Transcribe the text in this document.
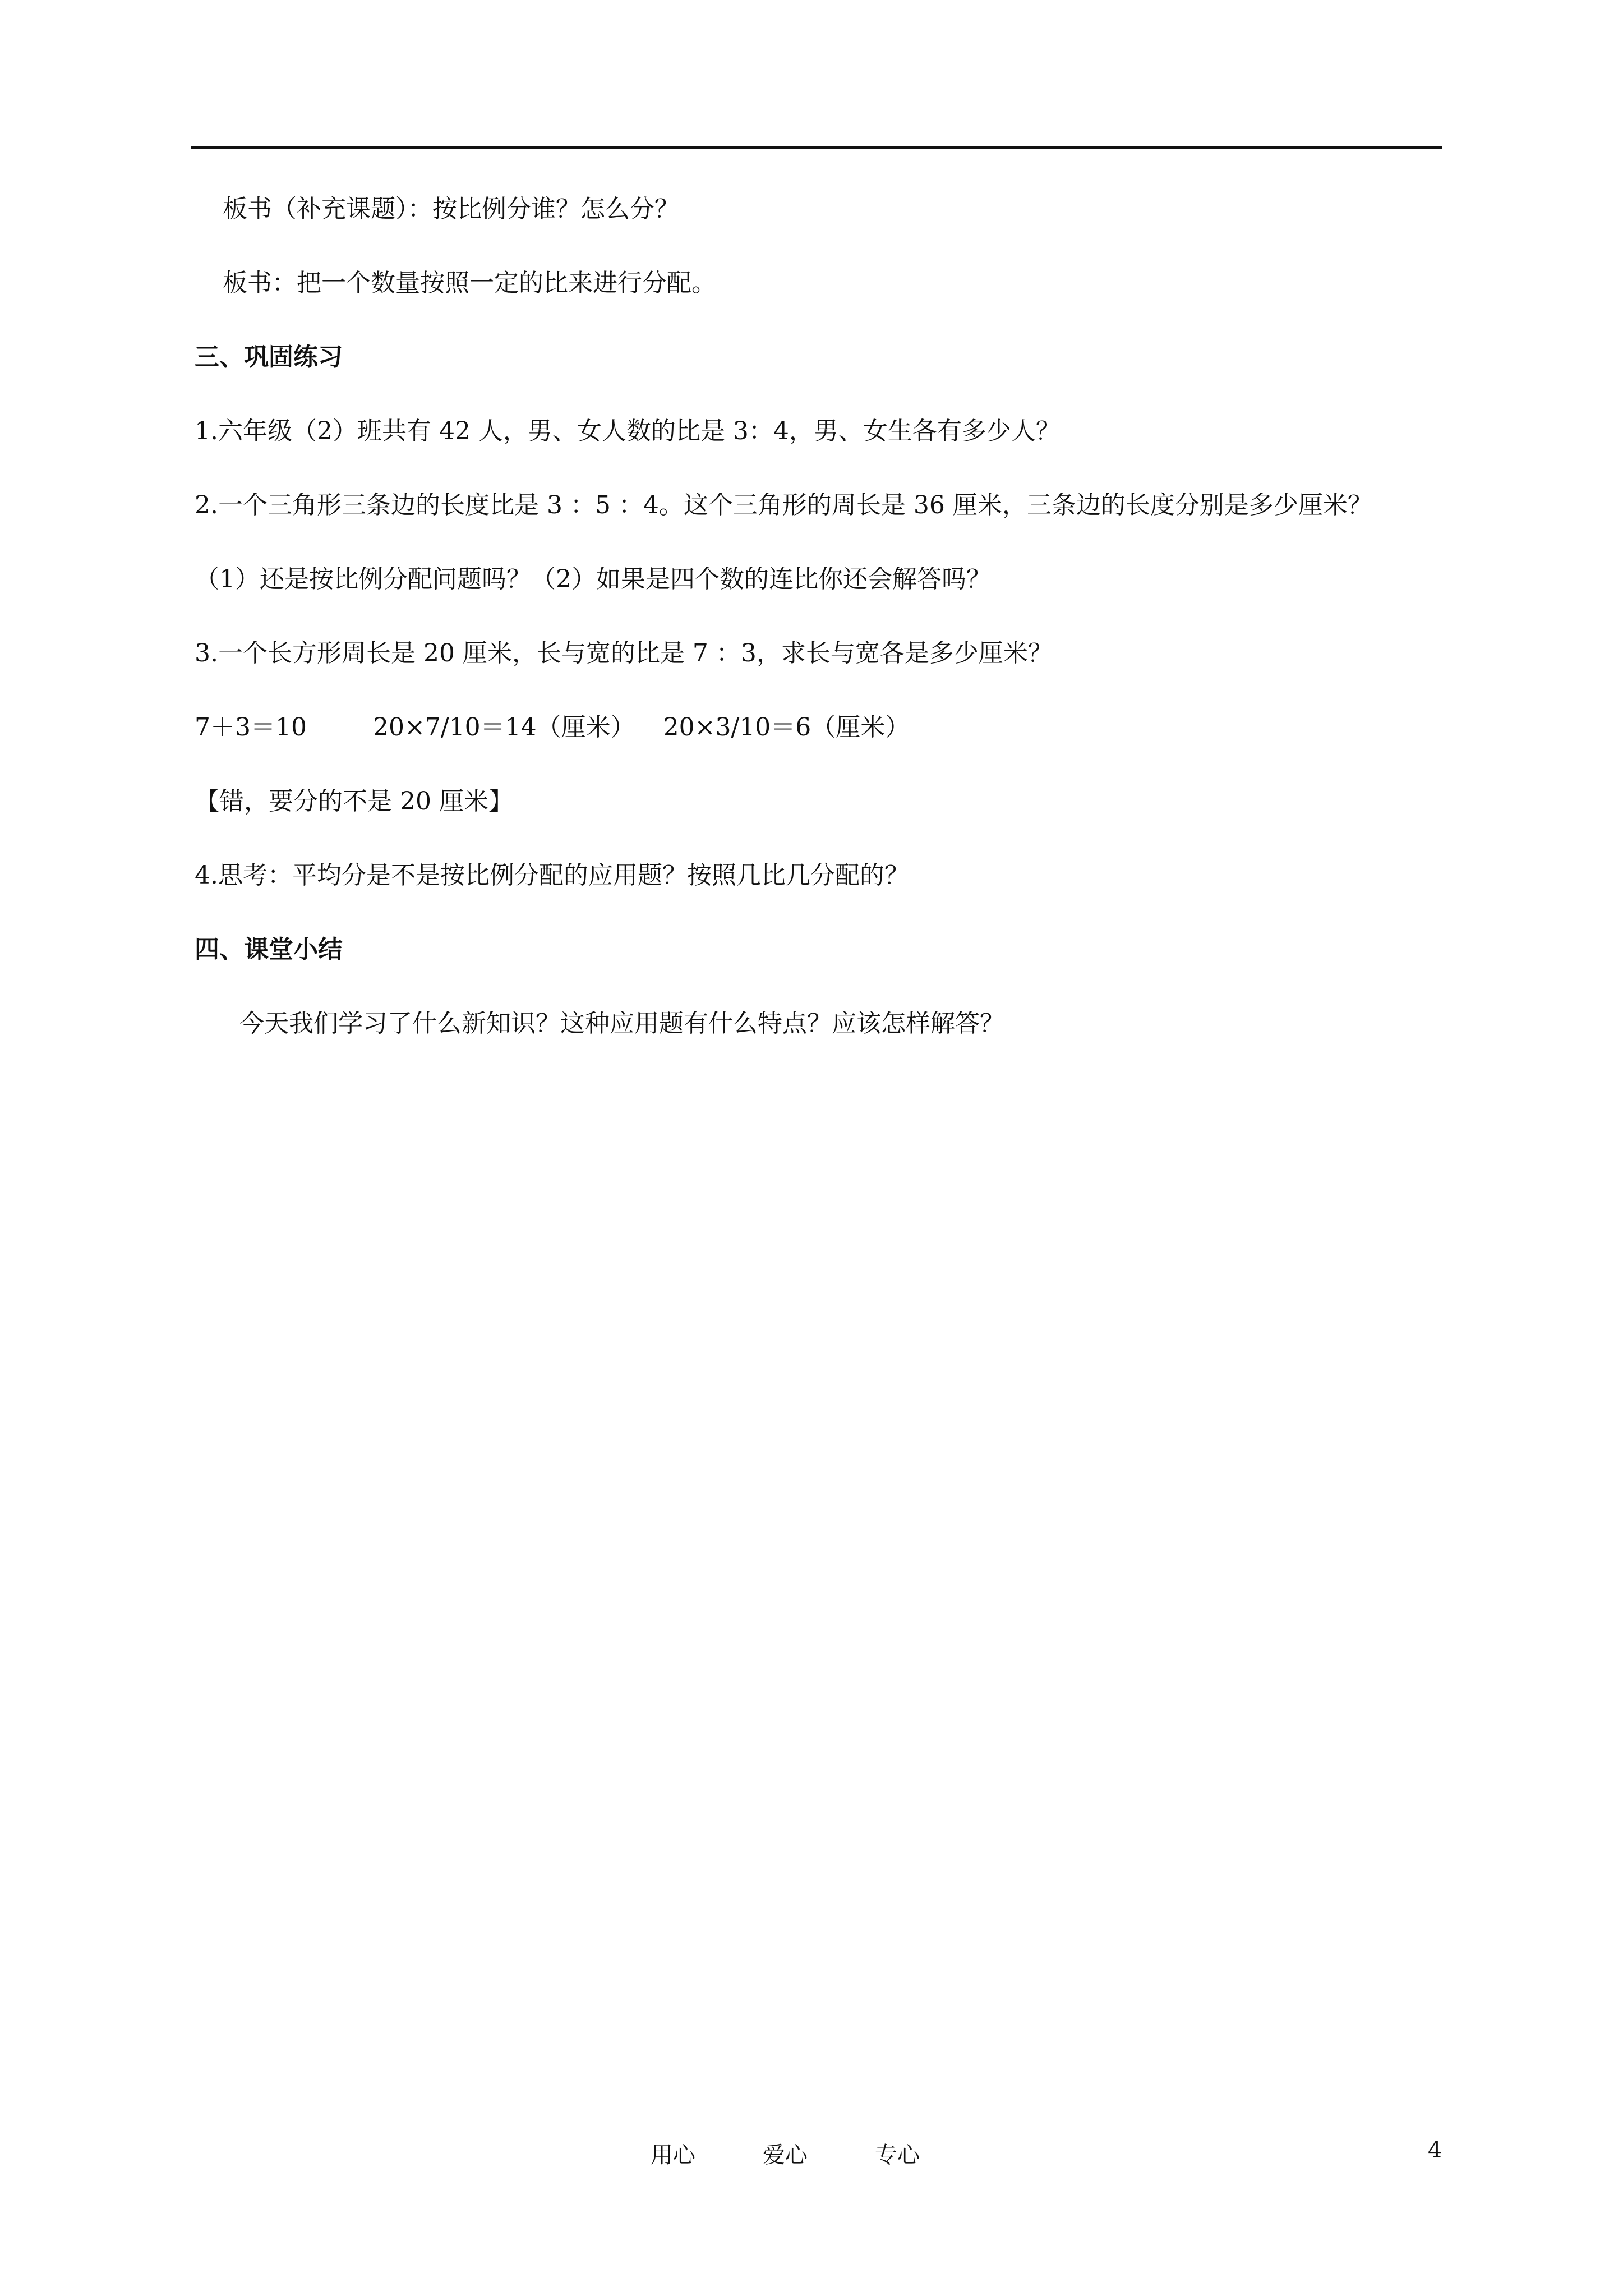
板书（补充课题）：按比例分谁？怎么分？

板书：把一个数量按照一定的比来进行分配。

三、巩固练习

1.六年级（2）班共有 42 人，男、女人数的比是 3：4，男、女生各有多少人？

2.一个三角形三条边的长度比是 3 ：5 ：4。这个三角形的周长是 36 厘米，三条边的长度分别是多少厘米？

（1）还是按比例分配问题吗？（2）如果是四个数的连比你还会解答吗？

3.一个长方形周长是 20 厘米，长与宽的比是 7 ：3，求长与宽各是多少厘米？

7＋3＝10	20×7/10＝14（厘米） 20×3/10＝6（厘米）

【错，要分的不是 20 厘米】

4.思考：平均分是不是按比例分配的应用题？按照几比几分配的？

四、课堂小结

今天我们学习了什么新知识？这种应用题有什么特点？应该怎样解答？

用心	爱心	专心	4
